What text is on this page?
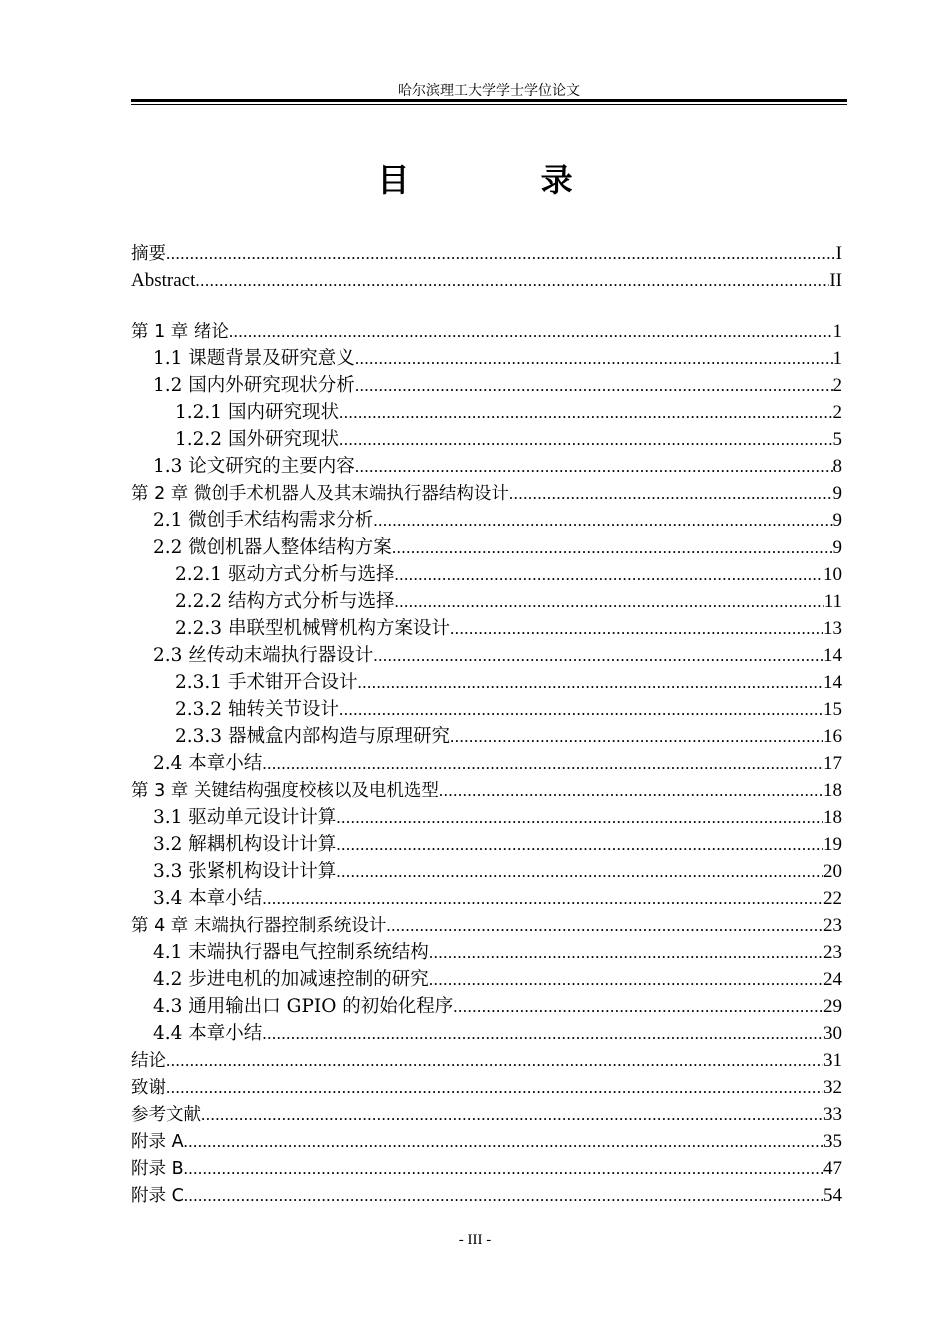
哈尔滨理工大学学士学位论文
目 录
摘要 .....	I
Abstract .....	II
第 1 章 绪论 .....	1
1.1 课题背景及研究意义 .....	1
1.2 国内外研究现状分析 .....	2
1.2.1 国内研究现状 .....	2
1.2.2 国外研究现状 .....	5
1.3 论文研究的主要内容 .....	8
第 2 章 微创手术机器人及其末端执行器结构设计 .....	9
2.1 微创手术结构需求分析 .....	9
2.2 微创机器人整体结构方案 .....	9
2.2.1 驱动方式分析与选择 .....	10
2.2.2 结构方式分析与选择 .....	11
2.2.3 串联型机械臂机构方案设计 .....	13
2.3 丝传动末端执行器设计 .....	14
2.3.1 手术钳开合设计 .....	14
2.3.2 轴转关节设计 .....	15
2.3.3 器械盒内部构造与原理研究 .....	16
2.4 本章小结 .....	17
第 3 章 关键结构强度校核以及电机选型 .....	18
3.1 驱动单元设计计算 .....	18
3.2 解耦机构设计计算 .....	19
3.3 张紧机构设计计算 .....	20
3.4 本章小结 .....	22
第 4 章 末端执行器控制系统设计 .....	23
4.1 末端执行器电气控制系统结构 .....	23
4.2 步进电机的加减速控制的研究 .....	24
4.3 通用输出口 GPIO 的初始化程序 .....	29
4.4 本章小结 .....	30
结论 .....	31
致谢 .....	32
参考文献 .....	33
附录 A .....	35
附录 B .....	47
附录 C .....	54
- III -
